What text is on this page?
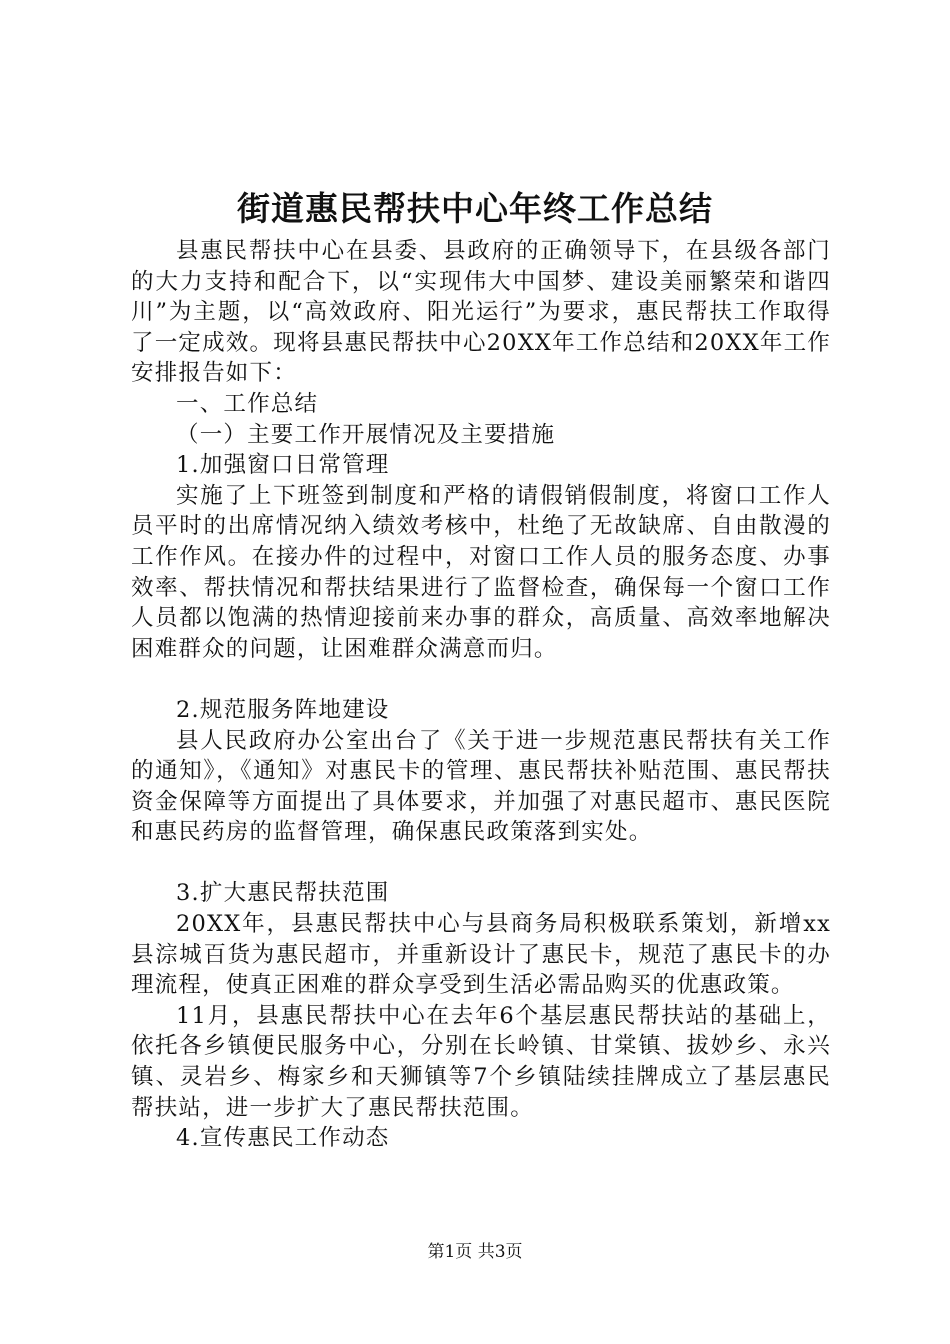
街道惠民帮扶中心年终工作总结

县惠民帮扶中心在县委、县政府的正确领导下，在县级各部门的大力支持和配合下，以“实现伟大中国梦、建设美丽繁荣和谐四川”为主题，以“高效政府、阳光运行”为要求，惠民帮扶工作取得了一定成效。现将县惠民帮扶中心20XX年工作总结和20XX年工作安排报告如下：

一、工作总结

（一）主要工作开展情况及主要措施

1.加强窗口日常管理

实施了上下班签到制度和严格的请假销假制度，将窗口工作人员平时的出席情况纳入绩效考核中，杜绝了无故缺席、自由散漫的工作作风。在接办件的过程中，对窗口工作人员的服务态度、办事效率、帮扶情况和帮扶结果进行了监督检查，确保每一个窗口工作人员都以饱满的热情迎接前来办事的群众，高质量、高效率地解决困难群众的问题，让困难群众满意而归。

2.规范服务阵地建设

县人民政府办公室出台了《关于进一步规范惠民帮扶有关工作的通知》，《通知》对惠民卡的管理、惠民帮扶补贴范围、惠民帮扶资金保障等方面提出了具体要求，并加强了对惠民超市、惠民医院和惠民药房的监督管理，确保惠民政策落到实处。

3.扩大惠民帮扶范围

20XX年，县惠民帮扶中心与县商务局积极联系策划，新增xx县淙城百货为惠民超市，并重新设计了惠民卡，规范了惠民卡的办理流程，使真正困难的群众享受到生活必需品购买的优惠政策。

11月，县惠民帮扶中心在去年6个基层惠民帮扶站的基础上，依托各乡镇便民服务中心，分别在长岭镇、甘棠镇、拔妙乡、永兴镇、灵岩乡、梅家乡和天狮镇等7个乡镇陆续挂牌成立了基层惠民帮扶站，进一步扩大了惠民帮扶范围。

4.宣传惠民工作动态

第1页 共3页
